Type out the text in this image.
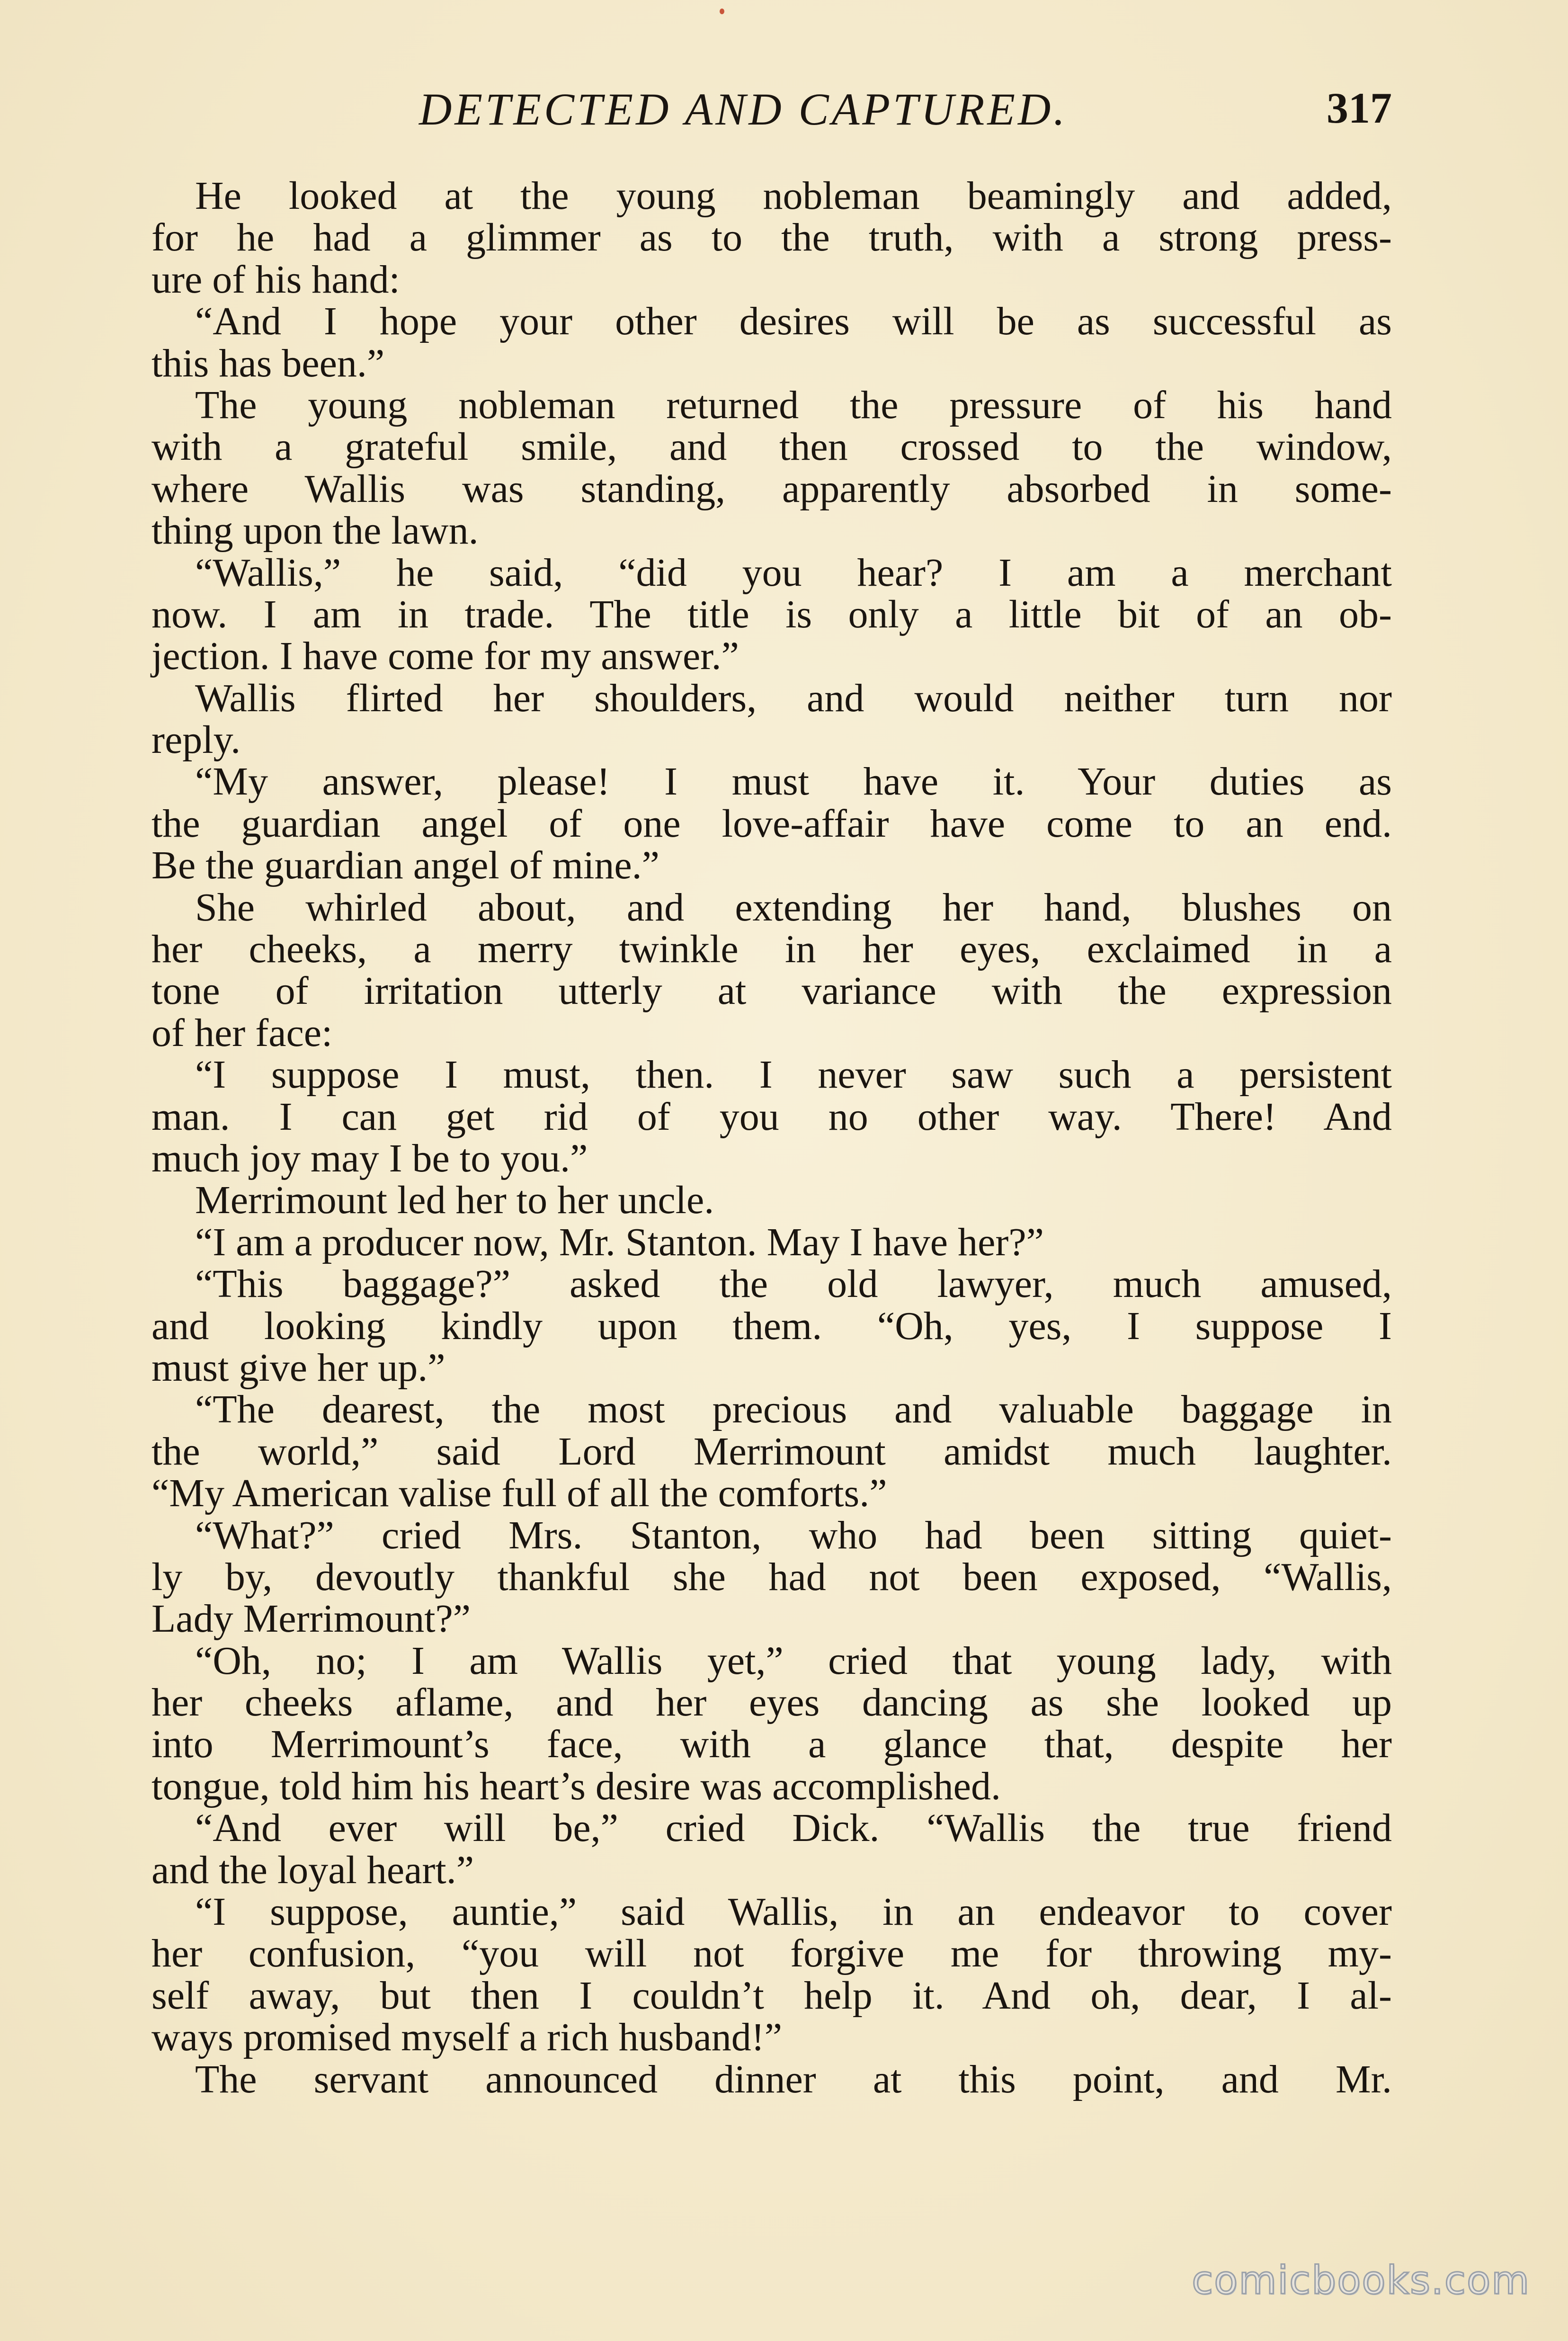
DETECTED AND CAPTURED.	317
He looked at the young nobleman beamingly and added,
for he had a glimmer as to the truth, with a strong press-
ure of his hand:
“And I hope your other desires will be as successful as
this has been.”
The young nobleman returned the pressure of his hand
with a grateful smile, and then crossed to the window,
where Wallis was standing, apparently absorbed in some-
thing upon the lawn.
“Wallis,” he said, “did you hear? I am a merchant
now. I am in trade. The title is only a little bit of an ob-
jection. I have come for my answer.”
Wallis flirted her shoulders, and would neither turn nor
reply.
“My answer, please! I must have it. Your duties as
the guardian angel of one love-affair have come to an end.
Be the guardian angel of mine.”
She whirled about, and extending her hand, blushes on
her cheeks, a merry twinkle in her eyes, exclaimed in a
tone of irritation utterly at variance with the expression
of her face:
“I suppose I must, then. I never saw such a persistent
man. I can get rid of you no other way. There! And
much joy may I be to you.”
Merrimount led her to her uncle.
“I am a producer now, Mr. Stanton. May I have her?”
“This baggage?” asked the old lawyer, much amused,
and looking kindly upon them. “Oh, yes, I suppose I
must give her up.”
“The dearest, the most precious and valuable baggage in
the world,” said Lord Merrimount amidst much laughter.
“My American valise full of all the comforts.”
“What?” cried Mrs. Stanton, who had been sitting quiet-
ly by, devoutly thankful she had not been exposed, “Wallis,
Lady Merrimount?”
“Oh, no; I am Wallis yet,” cried that young lady, with
her cheeks aflame, and her eyes dancing as she looked up
into Merrimount’s face, with a glance that, despite her
tongue, told him his heart’s desire was accomplished.
“And ever will be,” cried Dick. “Wallis the true friend
and the loyal heart.”
“I suppose, auntie,” said Wallis, in an endeavor to cover
her confusion, “you will not forgive me for throwing my-
self away, but then I couldn’t help it. And oh, dear, I al-
ways promised myself a rich husband!”
The servant announced dinner at this point, and Mr.
comicbooks.com
